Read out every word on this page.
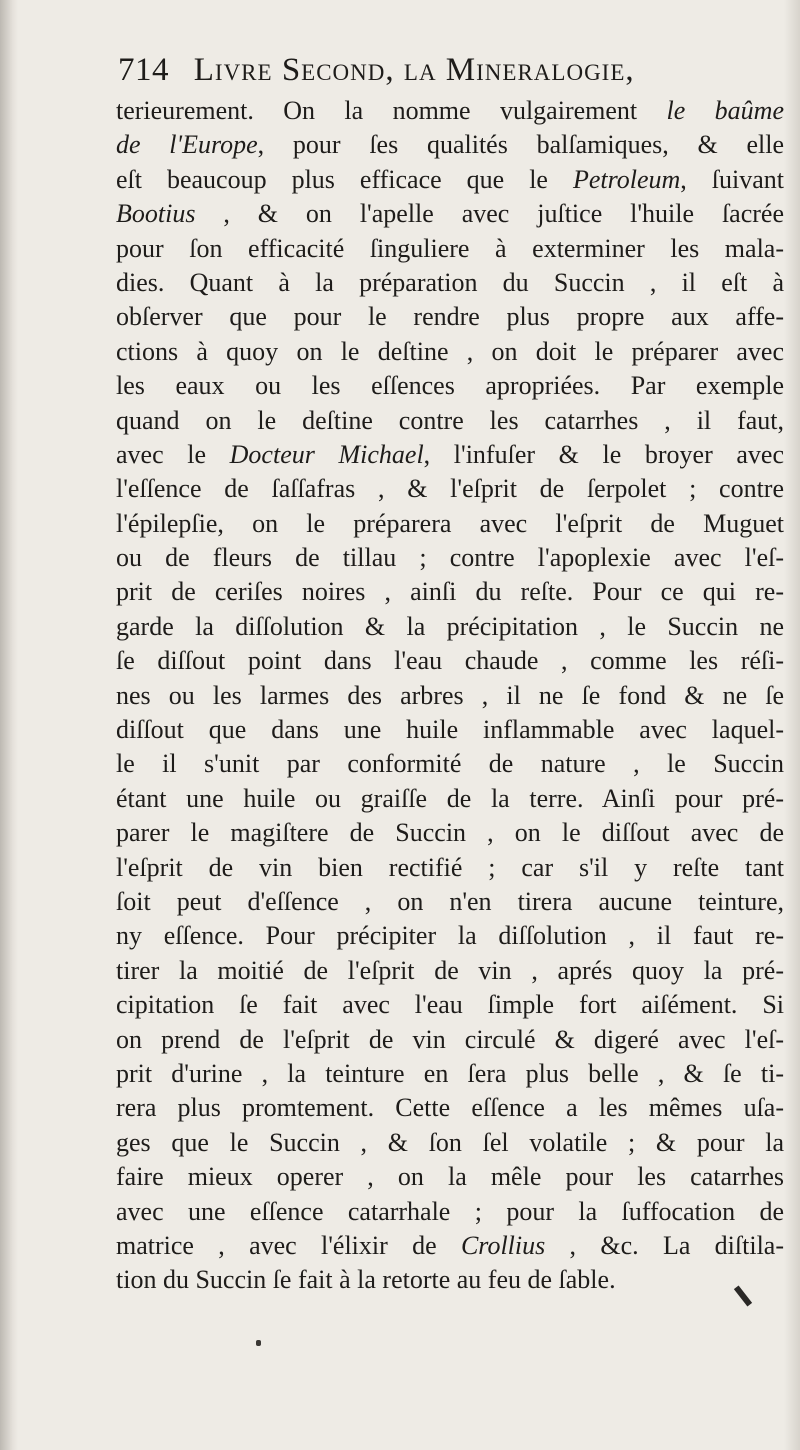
714 Livre Second, la Mineralogie,
terieurement. On la nomme vulgairement le baûme
de l'Europe, pour ſes qualités balſamiques, & elle
eſt beaucoup plus efficace que le Petroleum, ſuivant
Bootius , & on l'apelle avec juſtice l'huile ſacrée
pour ſon efficacité ſinguliere à exterminer les mala-
dies. Quant à la préparation du Succin , il eſt à
obſerver que pour le rendre plus propre aux affe-
ctions à quoy on le deſtine , on doit le préparer avec
les eaux ou les eſſences apropriées. Par exemple
quand on le deſtine contre les catarrhes , il faut,
avec le Docteur Michael, l'infuſer & le broyer avec
l'eſſence de ſaſſafras , & l'eſprit de ſerpolet ; contre
l'épilepſie, on le préparera avec l'eſprit de Muguet
ou de fleurs de tillau ; contre l'apoplexie avec l'eſ-
prit de ceriſes noires , ainſi du reſte. Pour ce qui re-
garde la diſſolution & la précipitation , le Succin ne
ſe diſſout point dans l'eau chaude , comme les réſi-
nes ou les larmes des arbres , il ne ſe fond & ne ſe
diſſout que dans une huile inflammable avec laquel-
le il s'unit par conformité de nature , le Succin
étant une huile ou graiſſe de la terre. Ainſi pour pré-
parer le magiſtere de Succin , on le diſſout avec de
l'eſprit de vin bien rectifié ; car s'il y reſte tant
ſoit peut d'eſſence , on n'en tirera aucune teinture,
ny eſſence. Pour précipiter la diſſolution , il faut re-
tirer la moitié de l'eſprit de vin , aprés quoy la pré-
cipitation ſe fait avec l'eau ſimple fort aiſément. Si
on prend de l'eſprit de vin circulé & digeré avec l'eſ-
prit d'urine , la teinture en ſera plus belle , & ſe ti-
rera plus promtement. Cette eſſence a les mêmes uſa-
ges que le Succin , & ſon ſel volatile ; & pour la
faire mieux operer , on la mêle pour les catarrhes
avec une eſſence catarrhale ; pour la ſuffocation de
matrice , avec l'élixir de Crollius , &c. La diſtila-
tion du Succin ſe fait à la retorte au feu de ſable.
